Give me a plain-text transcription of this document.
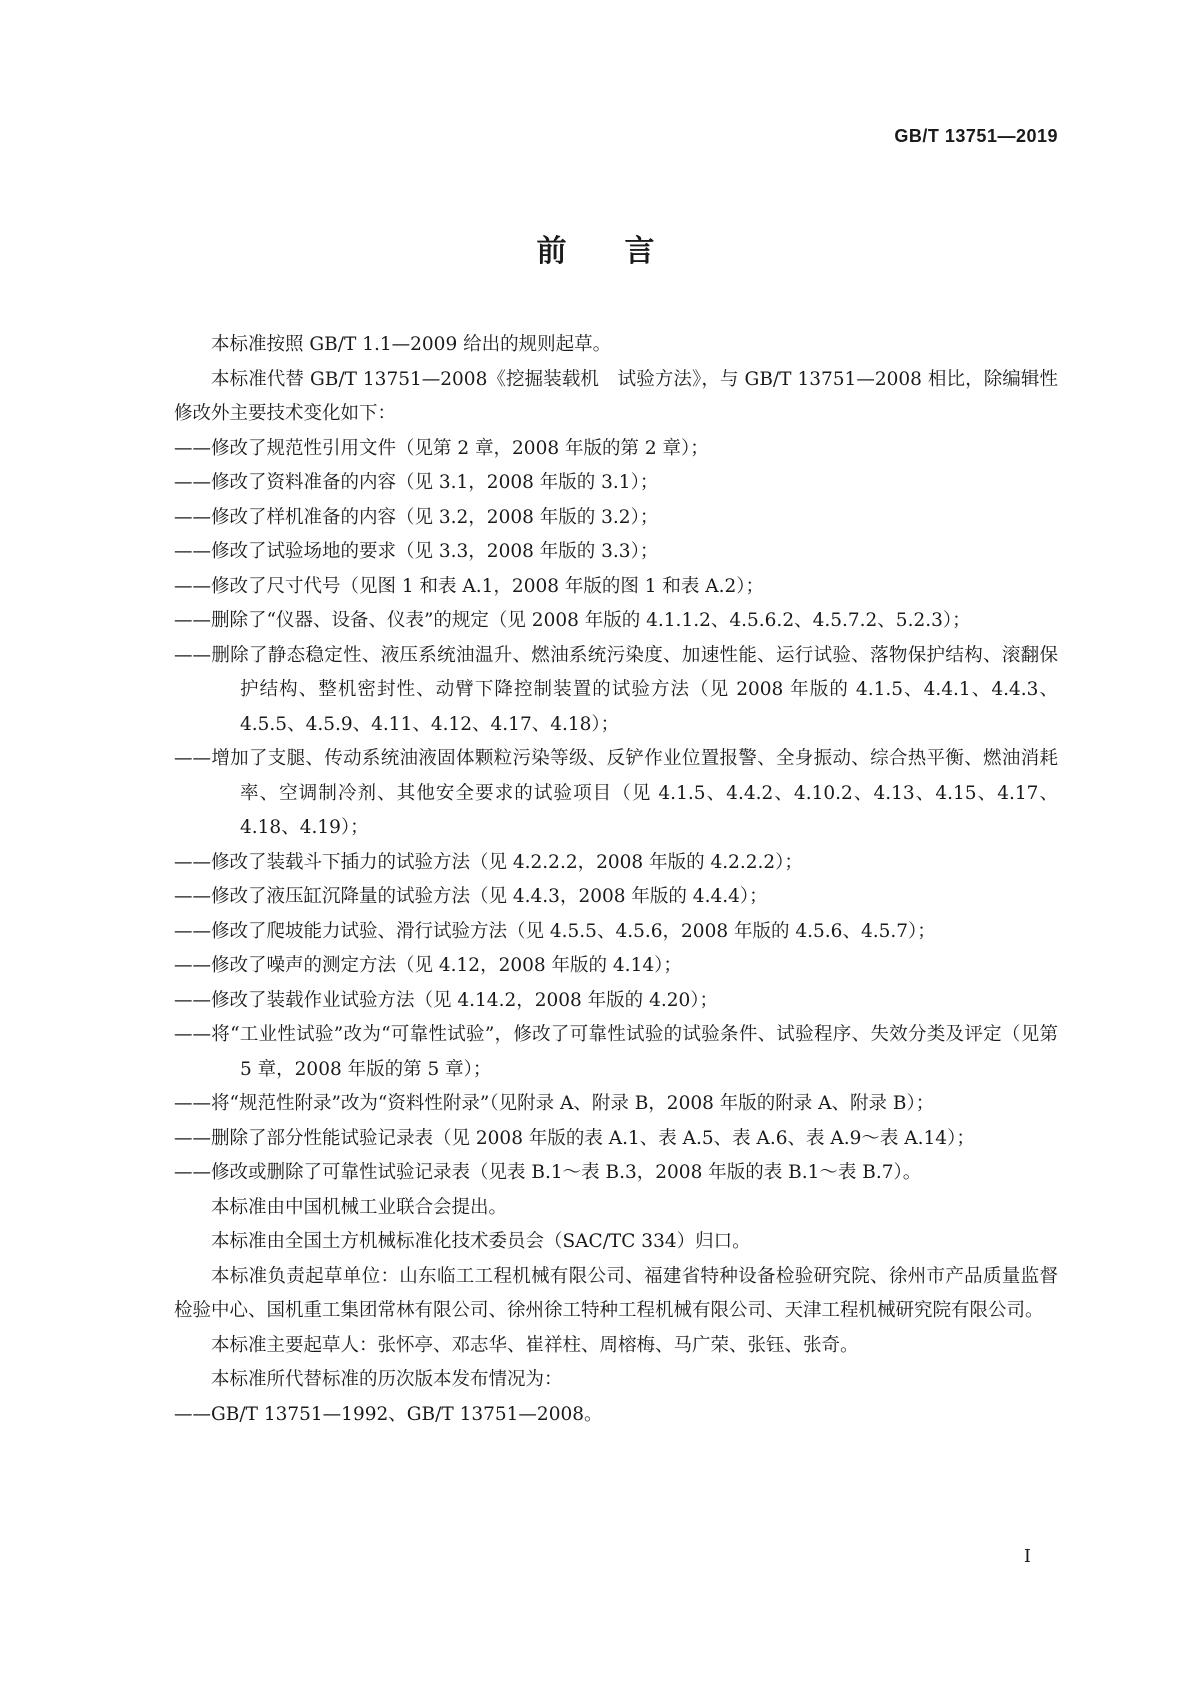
GB/T 13751—2019
前言

本标准按照 GB/T 1.1—2009 给出的规则起草。

本标准代替 GB/T 13751—2008《挖掘装载机　试验方法》，与 GB/T 13751—2008 相比，除编辑性修改外主要技术变化如下：

——修改了规范性引用文件（见第 2 章，2008 年版的第 2 章）；

——修改了资料准备的内容（见 3.1，2008 年版的 3.1）；

——修改了样机准备的内容（见 3.2，2008 年版的 3.2）；

——修改了试验场地的要求（见 3.3，2008 年版的 3.3）；

——修改了尺寸代号（见图 1 和表 A.1，2008 年版的图 1 和表 A.2）；

——删除了“仪器、设备、仪表”的规定（见 2008 年版的 4.1.1.2、4.5.6.2、4.5.7.2、5.2.3）；

——删除了静态稳定性、液压系统油温升、燃油系统污染度、加速性能、运行试验、落物保护结构、滚翻保护结构、整机密封性、动臂下降控制装置的试验方法（见 2008 年版的 4.1.5、4.4.1、4.4.3、4.5.5、4.5.9、4.11、4.12、4.17、4.18）；

——增加了支腿、传动系统油液固体颗粒污染等级、反铲作业位置报警、全身振动、综合热平衡、燃油消耗率、空调制冷剂、其他安全要求的试验项目（见 4.1.5、4.4.2、4.10.2、4.13、4.15、4.17、4.18、4.19）；

——修改了装载斗下插力的试验方法（见 4.2.2.2，2008 年版的 4.2.2.2）；

——修改了液压缸沉降量的试验方法（见 4.4.3，2008 年版的 4.4.4）；

——修改了爬坡能力试验、滑行试验方法（见 4.5.5、4.5.6，2008 年版的 4.5.6、4.5.7）；

——修改了噪声的测定方法（见 4.12，2008 年版的 4.14）；

——修改了装载作业试验方法（见 4.14.2，2008 年版的 4.20）；

——将“工业性试验”改为“可靠性试验”，修改了可靠性试验的试验条件、试验程序、失效分类及评定（见第 5 章，2008 年版的第 5 章）；

——将“规范性附录”改为“资料性附录”（见附录 A、附录 B，2008 年版的附录 A、附录 B）；

——删除了部分性能试验记录表（见 2008 年版的表 A.1、表 A.5、表 A.6、表 A.9～表 A.14）；

——修改或删除了可靠性试验记录表（见表 B.1～表 B.3，2008 年版的表 B.1～表 B.7）。

本标准由中国机械工业联合会提出。

本标准由全国土方机械标准化技术委员会（SAC/TC 334）归口。

本标准负责起草单位：山东临工工程机械有限公司、福建省特种设备检验研究院、徐州市产品质量监督检验中心、国机重工集团常林有限公司、徐州徐工特种工程机械有限公司、天津工程机械研究院有限公司。

本标准主要起草人：张怀亭、邓志华、崔祥柱、周榕梅、马广荣、张钰、张奇。

本标准所代替标准的历次版本发布情况为：

——GB/T 13751—1992、GB/T 13751—2008。

I
